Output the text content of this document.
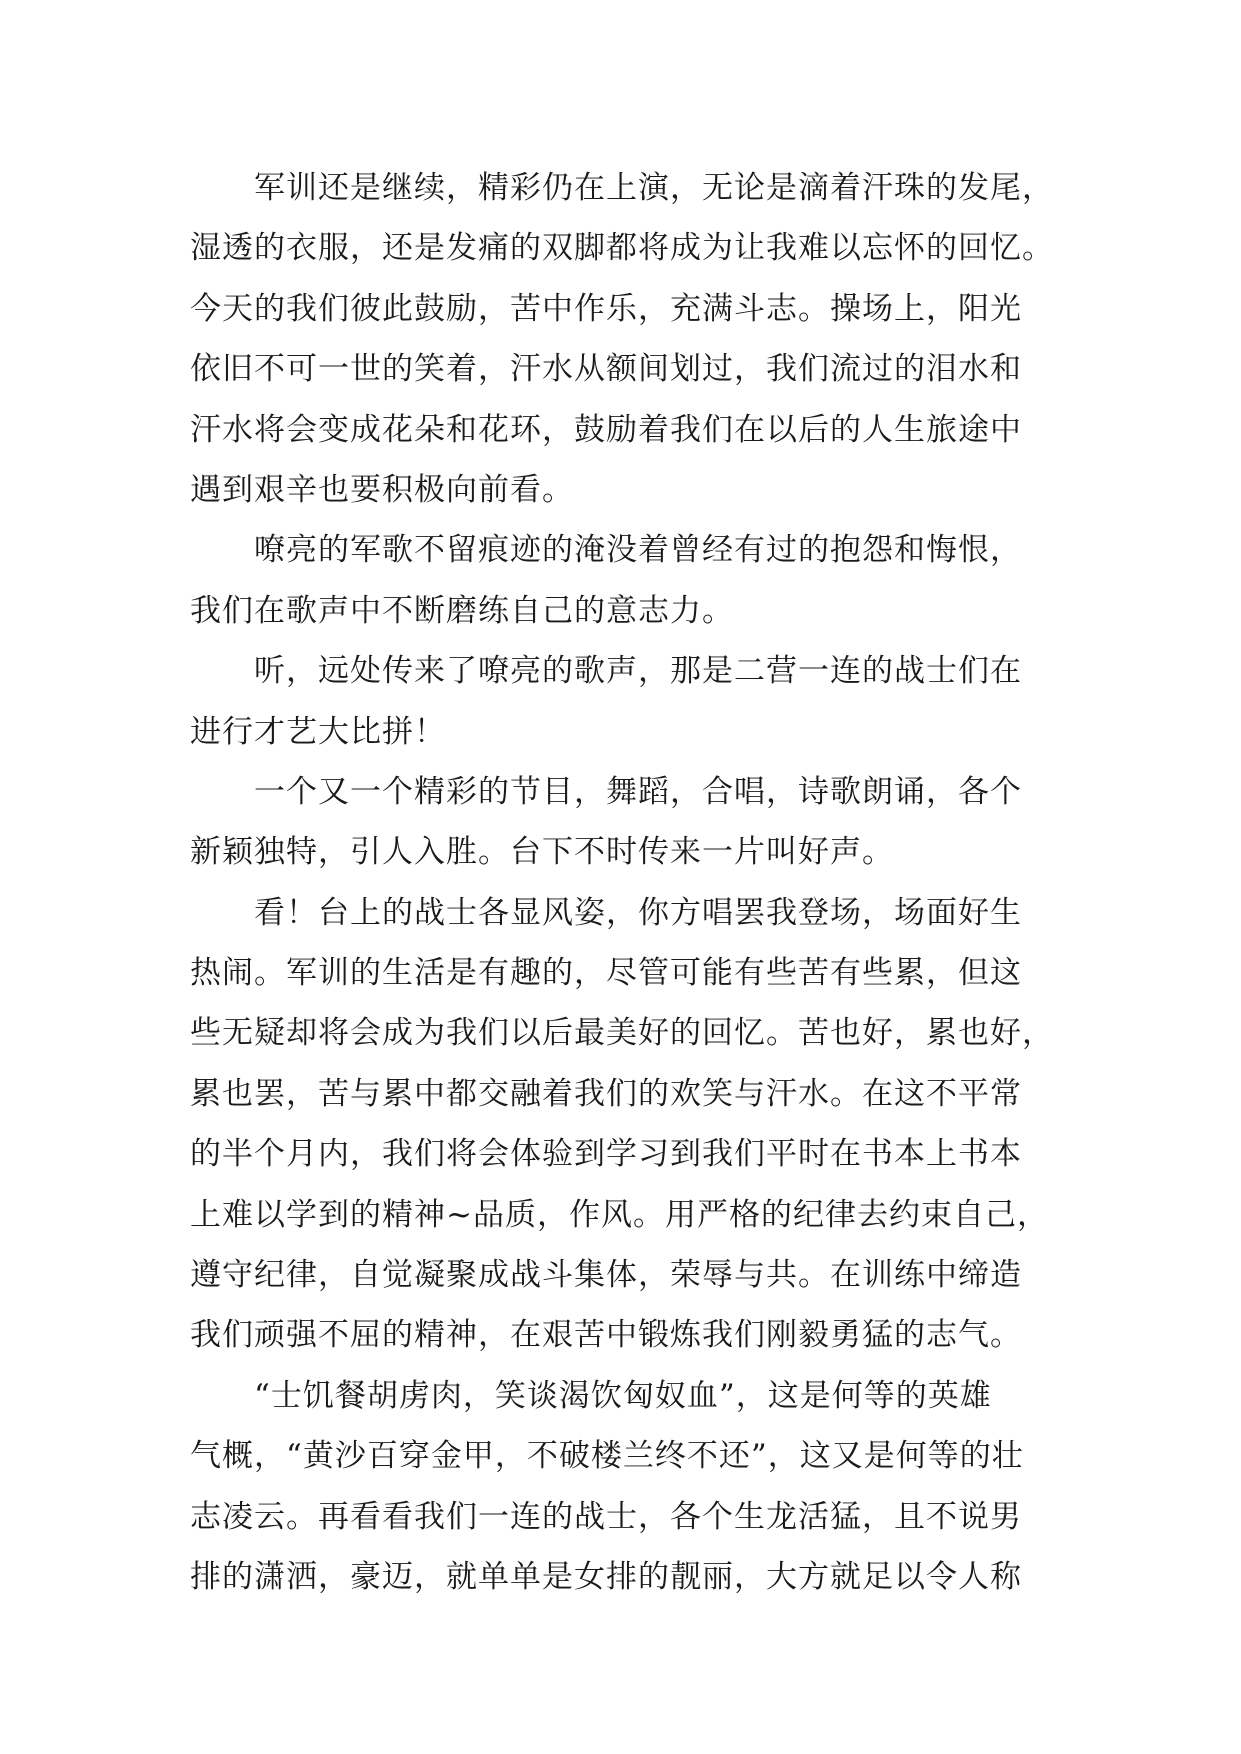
军训还是继续，精彩仍在上演，无论是滴着汗珠的发尾，
湿透的衣服，还是发痛的双脚都将成为让我难以忘怀的回忆。
今天的我们彼此鼓励，苦中作乐，充满斗志。操场上，阳光
依旧不可一世的笑着，汗水从额间划过，我们流过的泪水和
汗水将会变成花朵和花环，鼓励着我们在以后的人生旅途中
遇到艰辛也要积极向前看。
嘹亮的军歌不留痕迹的淹没着曾经有过的抱怨和悔恨，
我们在歌声中不断磨练自己的意志力。
听，远处传来了嘹亮的歌声，那是二营一连的战士们在
进行才艺大比拼！
一个又一个精彩的节目，舞蹈，合唱，诗歌朗诵，各个
新颖独特，引人入胜。台下不时传来一片叫好声。
看！台上的战士各显风姿，你方唱罢我登场，场面好生
热闹。军训的生活是有趣的，尽管可能有些苦有些累，但这
些无疑却将会成为我们以后最美好的回忆。苦也好，累也好，
累也罢，苦与累中都交融着我们的欢笑与汗水。在这不平常
的半个月内，我们将会体验到学习到我们平时在书本上书本
上难以学到的精神~品质，作风。用严格的纪律去约束自己，
遵守纪律，自觉凝聚成战斗集体，荣辱与共。在训练中缔造
我们顽强不屈的精神，在艰苦中锻炼我们刚毅勇猛的志气。
“士饥餐胡虏肉，笑谈渴饮匈奴血”，这是何等的英雄
气概，“黄沙百穿金甲，不破楼兰终不还”，这又是何等的壮
志凌云。再看看我们一连的战士，各个生龙活猛，且不说男
排的潇洒，豪迈，就单单是女排的靓丽，大方就足以令人称
